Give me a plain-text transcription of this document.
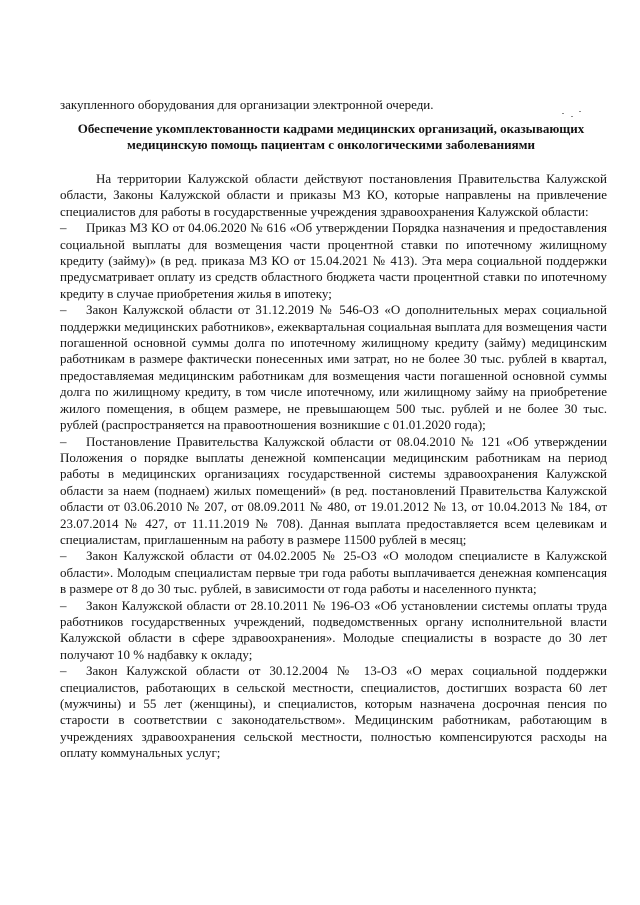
закупленного оборудования для организации электронной очереди.

Обеспечение укомплектованности кадрами медицинских организаций, оказывающих медицинскую помощь пациентам с онкологическими заболеваниями

На территории Калужской области действуют постановления Правительства Калужской области, Законы Калужской области и приказы МЗ КО, которые направлены на привлечение специалистов для работы в государственные учреждения здравоохранения Калужской области:

– Приказ МЗ КО от 04.06.2020 № 616 «Об утверждении Порядка назначения и предоставления социальной выплаты для возмещения части процентной ставки по ипотечному жилищному кредиту (займу)» (в ред. приказа МЗ КО от 15.04.2021 № 413). Эта мера социальной поддержки предусматривает оплату из средств областного бюджета части процентной ставки по ипотечному кредиту в случае приобретения жилья в ипотеку;

– Закон Калужской области от 31.12.2019 № 546-ОЗ «О дополнительных мерах социальной поддержки медицинских работников», ежеквартальная социальная выплата для возмещения части погашенной основной суммы долга по ипотечному жилищному кредиту (займу) медицинским работникам в размере фактически понесенных ими затрат, но не более 30 тыс. рублей в квартал, предоставляемая медицинским работникам для возмещения части погашенной основной суммы долга по жилищному кредиту, в том числе ипотечному, или жилищному займу на приобретение жилого помещения, в общем размере, не превышающем 500 тыс. рублей и не более 30 тыс. рублей (распространяется на правоотношения возникшие с 01.01.2020 года);

– Постановление Правительства Калужской области от 08.04.2010 № 121 «Об утверждении Положения о порядке выплаты денежной компенсации медицинским работникам на период работы в медицинских организациях государственной системы здравоохранения Калужской области за наем (поднаем) жилых помещений» (в ред. постановлений Правительства Калужской области от 03.06.2010 № 207, от 08.09.2011 № 480, от 19.01.2012 № 13, от 10.04.2013 № 184, от 23.07.2014 № 427, от 11.11.2019 № 708). Данная выплата предоставляется всем целевикам и специалистам, приглашенным на работу в размере 11500 рублей в месяц;

– Закон Калужской области от 04.02.2005 № 25-ОЗ «О молодом специалисте в Калужской области». Молодым специалистам первые три года работы выплачивается денежная компенсация в размере от 8 до 30 тыс. рублей, в зависимости от года работы и населенного пункта;

– Закон Калужской области от 28.10.2011 № 196-ОЗ «Об установлении системы оплаты труда работников государственных учреждений, подведомственных органу исполнительной власти Калужской области в сфере здравоохранения». Молодые специалисты в возрасте до 30 лет получают 10 % надбавку к окладу;

– Закон Калужской области от 30.12.2004 № 13-ОЗ «О мерах социальной поддержки специалистов, работающих в сельской местности, специалистов, достигших возраста 60 лет (мужчины) и 55 лет (женщины), и специалистов, которым назначена досрочная пенсия по старости в соответствии с законодательством». Медицинским работникам, работающим в учреждениях здравоохранения сельской местности, полностью компенсируются расходы на оплату коммунальных услуг;
